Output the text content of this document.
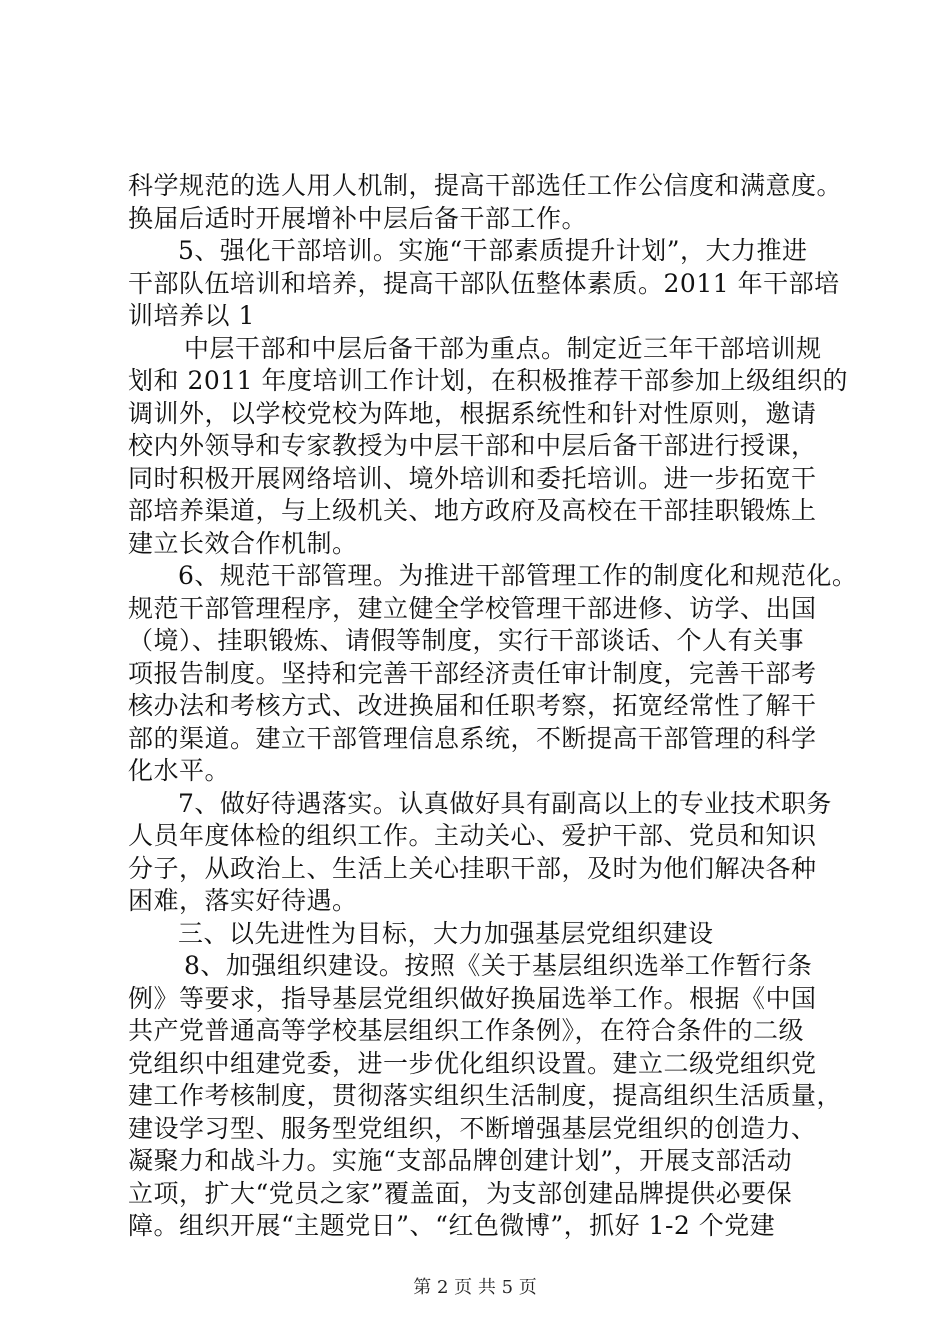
科学规范的选人用人机制，提高干部选任工作公信度和满意度。
换届后适时开展增补中层后备干部工作。
5、强化干部培训。实施“干部素质提升计划”，大力推进
干部队伍培训和培养，提高干部队伍整体素质。2011 年干部培
训培养以 1
中层干部和中层后备干部为重点。制定近三年干部培训规
划和 2011 年度培训工作计划，在积极推荐干部参加上级组织的
调训外，以学校党校为阵地，根据系统性和针对性原则，邀请
校内外领导和专家教授为中层干部和中层后备干部进行授课，
同时积极开展网络培训、境外培训和委托培训。进一步拓宽干
部培养渠道，与上级机关、地方政府及高校在干部挂职锻炼上
建立长效合作机制。
6、规范干部管理。为推进干部管理工作的制度化和规范化。
规范干部管理程序，建立健全学校管理干部进修、访学、出国
（境）、挂职锻炼、请假等制度，实行干部谈话、个人有关事
项报告制度。坚持和完善干部经济责任审计制度，完善干部考
核办法和考核方式、改进换届和任职考察，拓宽经常性了解干
部的渠道。建立干部管理信息系统，不断提高干部管理的科学
化水平。
7、做好待遇落实。认真做好具有副高以上的专业技术职务
人员年度体检的组织工作。主动关心、爱护干部、党员和知识
分子，从政治上、生活上关心挂职干部，及时为他们解决各种
困难，落实好待遇。
三、以先进性为目标，大力加强基层党组织建设
8、加强组织建设。按照《关于基层组织选举工作暂行条
例》等要求，指导基层党组织做好换届选举工作。根据《中国
共产党普通高等学校基层组织工作条例》，在符合条件的二级
党组织中组建党委，进一步优化组织设置。建立二级党组织党
建工作考核制度，贯彻落实组织生活制度，提高组织生活质量，
建设学习型、服务型党组织，不断增强基层党组织的创造力、
凝聚力和战斗力。实施“支部品牌创建计划”，开展支部活动
立项，扩大“党员之家”覆盖面，为支部创建品牌提供必要保
障。组织开展“主题党日”、“红色微博”，抓好 1-2 个党建
第 2 页 共 5 页
